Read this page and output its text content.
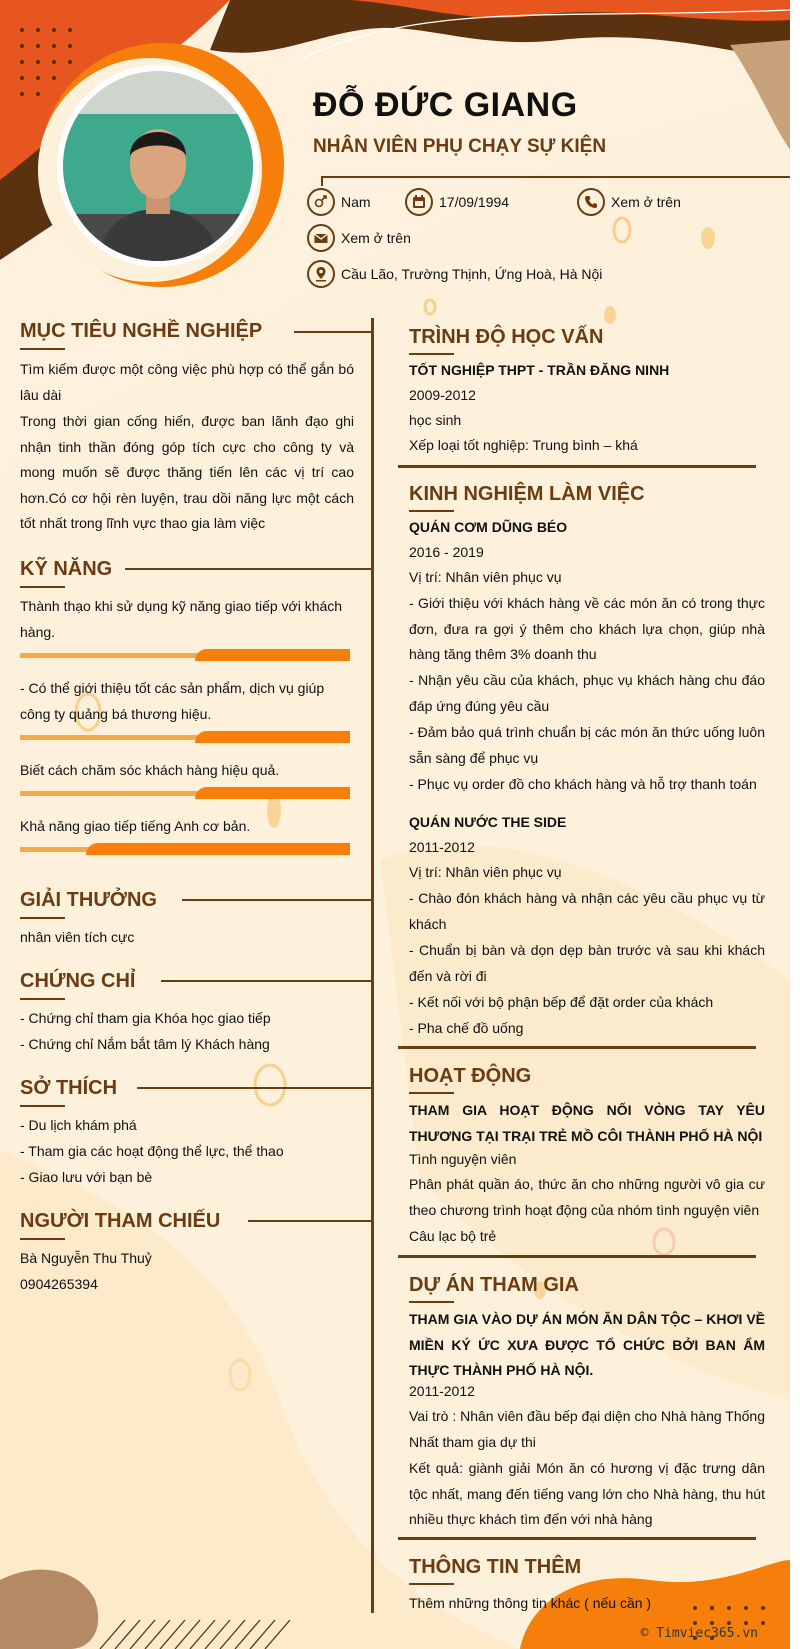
ĐỖ ĐỨC GIANG
NHÂN VIÊN PHỤ CHẠY SỰ KIỆN
Nam	17/09/1994	Xem ở trên
Xem ở trên
Cầu Lão, Trường Thịnh, Ứng Hoà, Hà Nội
MỤC TIÊU NGHỀ NGHIỆP
Tìm kiếm được một công việc phù hợp có thể gắn bó lâu dài
Trong thời gian cống hiến, được ban lãnh đạo ghi nhận tinh thần đóng góp tích cực cho công ty và mong muốn sẽ được thăng tiến lên các vị trí cao hơn.Có cơ hội rèn luyện, trau dồi năng lực một cách tốt nhất trong lĩnh vực thao gia làm việc
KỸ NĂNG
Thành thạo khi sử dụng kỹ năng giao tiếp với khách hàng.
- Có thể giới thiệu tốt các sản phẩm, dịch vụ giúp công ty quảng bá thương hiệu.
Biết cách chăm sóc khách hàng hiệu quả.
Khả năng giao tiếp tiếng Anh cơ bản.
GIẢI THƯỞNG
nhân viên tích cực
CHỨNG CHỈ
- Chứng chỉ tham gia Khóa học giao tiếp
- Chứng chỉ Nắm bắt tâm lý Khách hàng
SỞ THÍCH
- Du lịch khám phá
- Tham gia các hoạt động thể lực, thể thao
- Giao lưu với bạn bè
NGƯỜI THAM CHIẾU
Bà Nguyễn Thu Thuỷ
0904265394
TRÌNH ĐỘ HỌC VẤN
TỐT NGHIỆP THPT - TRẦN ĐĂNG NINH
2009-2012
học sinh
Xếp loại tốt nghiệp: Trung bình – khá
KINH NGHIỆM LÀM VIỆC
QUÁN CƠM DŨNG BÉO
2016 - 2019
Vị trí: Nhân viên phục vụ
- Giới thiệu với khách hàng về các món ăn có trong thực đơn, đưa ra gợi ý thêm cho khách lựa chọn, giúp nhà hàng tăng thêm 3% doanh thu
- Nhận yêu cầu của khách, phục vụ khách hàng chu đáo đáp ứng đúng yêu cầu
- Đảm bảo quá trình chuẩn bị các món ăn thức uống luôn sẵn sàng để phục vụ
- Phục vụ order đồ cho khách hàng và hỗ trợ thanh toán
QUÁN NƯỚC THE SIDE
2011-2012
Vị trí: Nhân viên phục vụ
- Chào đón khách hàng và nhận các yêu cầu phục vụ từ khách
- Chuẩn bị bàn và dọn dẹp bàn trước và sau khi khách đến và rời đi
- Kết nối với bộ phận bếp để đặt order của khách
- Pha chế đồ uống
HOẠT ĐỘNG
THAM GIA HOẠT ĐỘNG NỐI VÒNG TAY YÊU THƯƠNG TẠI TRẠI TRẺ MỒ CÔI THÀNH PHỐ HÀ NỘI
Tình nguyện viên
Phân phát quần áo, thức ăn cho những người vô gia cư theo chương trình hoạt động của nhóm tình nguyện viên
Câu lạc bộ trẻ
DỰ ÁN THAM GIA
THAM GIA VÀO DỰ ÁN MÓN ĂN DÂN TỘC – KHƠI VỀ MIỀN KÝ ỨC XƯA ĐƯỢC TỔ CHỨC BỞI BAN ẨM THỰC THÀNH PHỐ HÀ NỘI.
2011-2012
Vai trò : Nhân viên đầu bếp đại diện cho Nhà hàng Thống Nhất tham gia dự thi
Kết quả: giành giải Món ăn có hương vị đặc trưng dân tộc nhất, mang đến tiếng vang lớn cho Nhà hàng, thu hút nhiều thực khách tìm đến với nhà hàng
THÔNG TIN THÊM
Thêm những thông tin khác ( nếu cần )
© Timviec365.vn
